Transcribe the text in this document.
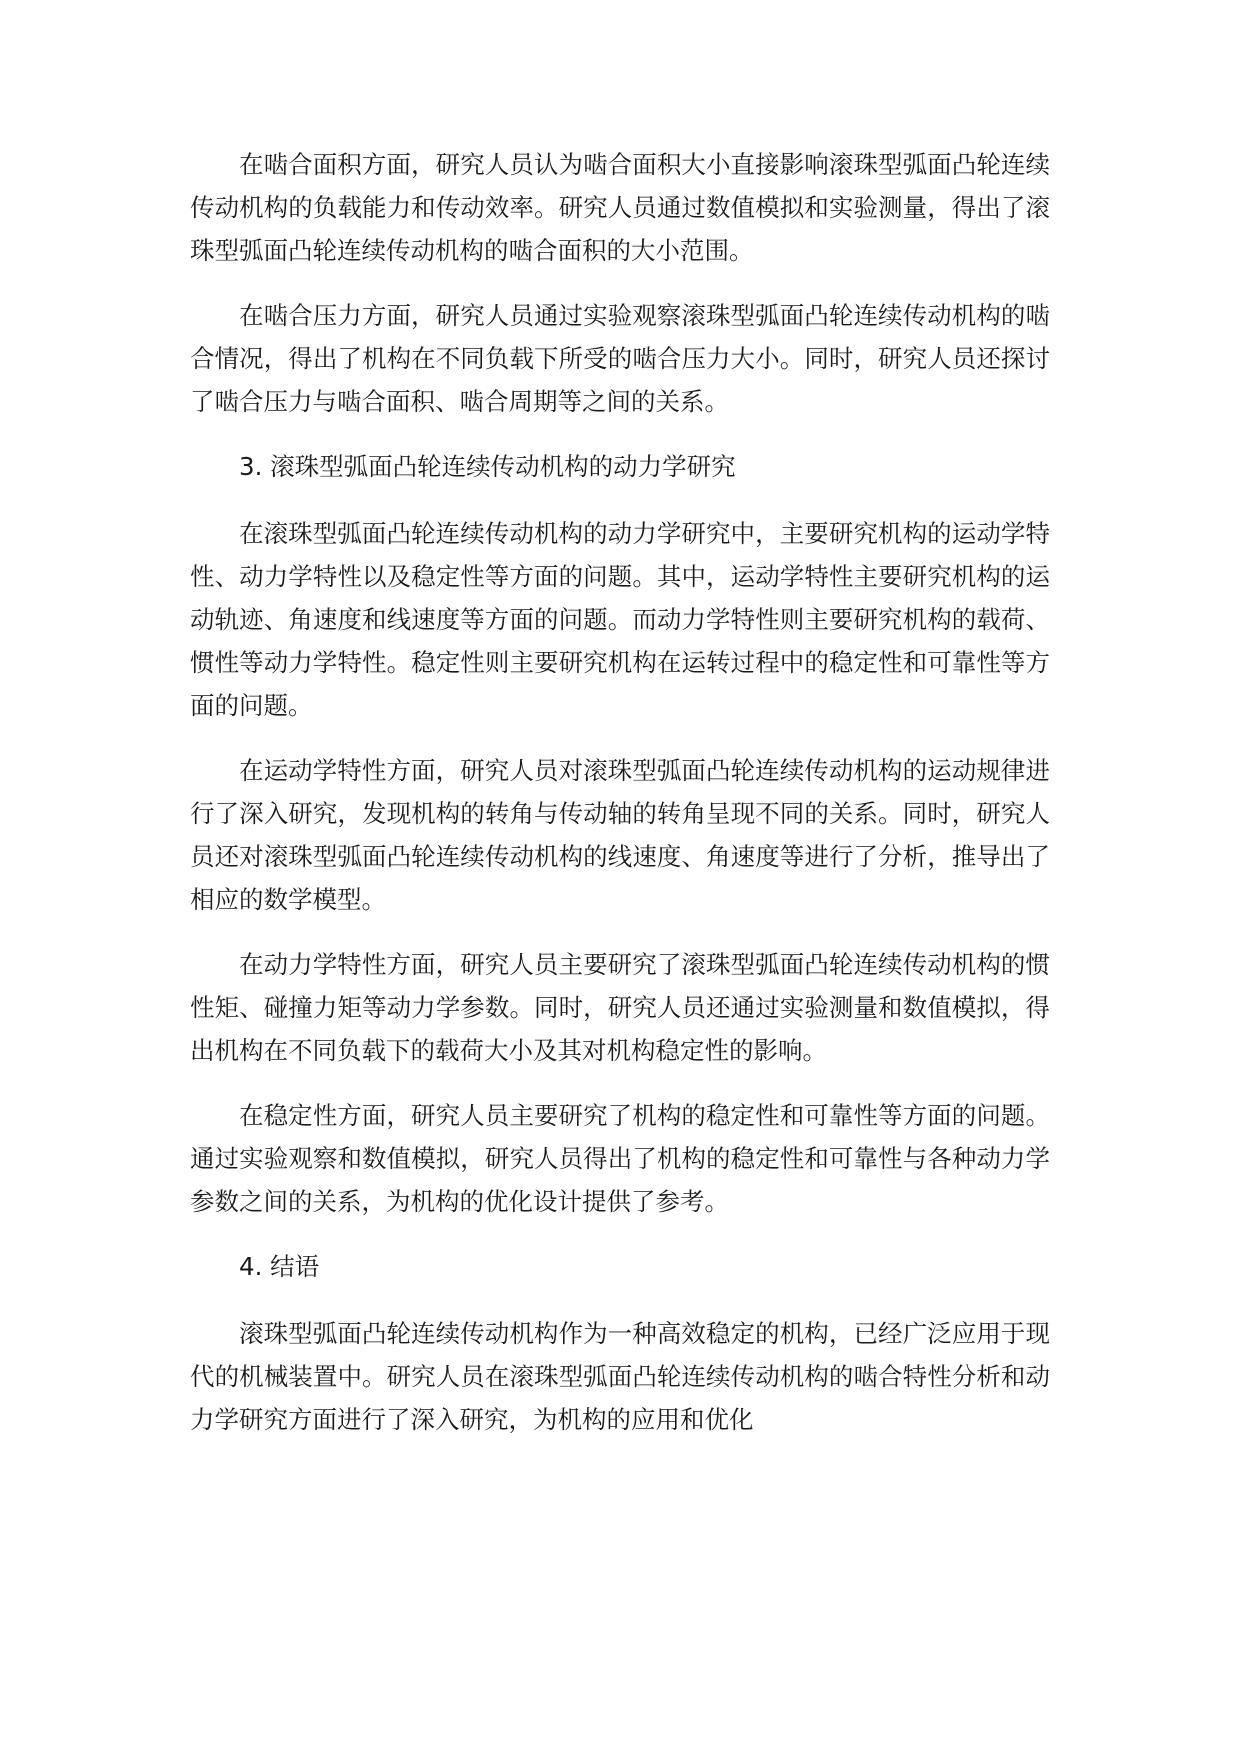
在啮合面积方面，研究人员认为啮合面积大小直接影响滚珠型弧面凸轮连续传动机构的负载能力和传动效率。研究人员通过数值模拟和实验测量，得出了滚珠型弧面凸轮连续传动机构的啮合面积的大小范围。

在啮合压力方面，研究人员通过实验观察滚珠型弧面凸轮连续传动机构的啮合情况，得出了机构在不同负载下所受的啮合压力大小。同时，研究人员还探讨了啮合压力与啮合面积、啮合周期等之间的关系。

3. 滚珠型弧面凸轮连续传动机构的动力学研究

在滚珠型弧面凸轮连续传动机构的动力学研究中，主要研究机构的运动学特性、动力学特性以及稳定性等方面的问题。其中，运动学特性主要研究机构的运动轨迹、角速度和线速度等方面的问题。而动力学特性则主要研究机构的载荷、惯性等动力学特性。稳定性则主要研究机构在运转过程中的稳定性和可靠性等方面的问题。

在运动学特性方面，研究人员对滚珠型弧面凸轮连续传动机构的运动规律进行了深入研究，发现机构的转角与传动轴的转角呈现不同的关系。同时，研究人员还对滚珠型弧面凸轮连续传动机构的线速度、角速度等进行了分析，推导出了相应的数学模型。

在动力学特性方面，研究人员主要研究了滚珠型弧面凸轮连续传动机构的惯性矩、碰撞力矩等动力学参数。同时，研究人员还通过实验测量和数值模拟，得出机构在不同负载下的载荷大小及其对机构稳定性的影响。

在稳定性方面，研究人员主要研究了机构的稳定性和可靠性等方面的问题。通过实验观察和数值模拟，研究人员得出了机构的稳定性和可靠性与各种动力学参数之间的关系，为机构的优化设计提供了参考。

4. 结语

滚珠型弧面凸轮连续传动机构作为一种高效稳定的机构，已经广泛应用于现代的机械装置中。研究人员在滚珠型弧面凸轮连续传动机构的啮合特性分析和动力学研究方面进行了深入研究，为机构的应用和优化
